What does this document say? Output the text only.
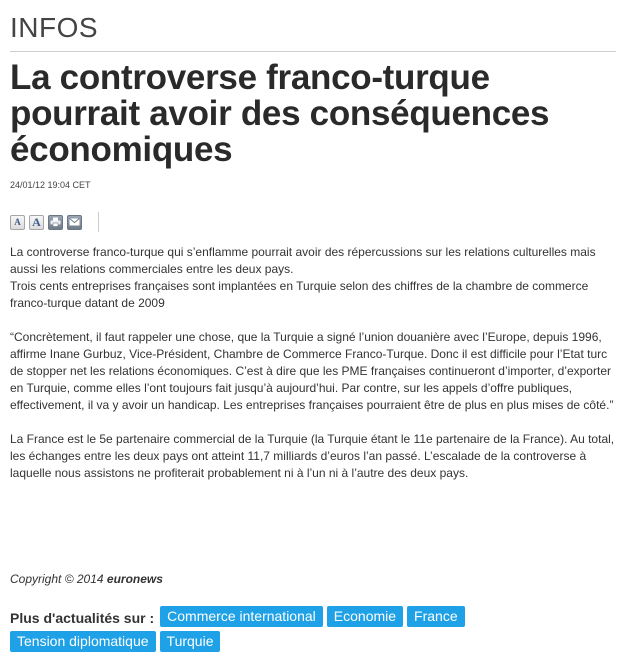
INFOS
La controverse franco-turque pourrait avoir des conséquences économiques
24/01/12 19:04 CET
A A

La controverse franco-turque qui s’enflamme pourrait avoir des répercussions sur les relations culturelles mais aussi les relations commerciales entre les deux pays.
Trois cents entreprises françaises sont implantées en Turquie selon des chiffres de la chambre de commerce franco-turque datant de 2009

“Concrètement, il faut rappeler une chose, que la Turquie a signé l’union douanière avec l’Europe, depuis 1996, affirme Inane Gurbuz, Vice-Président, Chambre de Commerce Franco-Turque. Donc il est difficile pour l’Etat turc de stopper net les relations économiques. C’est à dire que les PME françaises continueront d’importer, d’exporter en Turquie, comme elles l’ont toujours fait jusqu’à aujourd’hui. Par contre, sur les appels d’offre publiques, effectivement, il va y avoir un handicap. Les entreprises françaises pourraient être de plus en plus mises de côté.”

La France est le 5e partenaire commercial de la Turquie (la Turquie étant le 11e partenaire de la France). Au total, les échanges entre les deux pays ont atteint 11,7 milliards d’euros l’an passé. L’escalade de la controverse à laquelle nous assistons ne profiterait probablement ni à l’un ni à l’autre des deux pays.

Copyright © 2014 euronews
Plus d'actualités sur : Commerce international	Economie	France
Tension diplomatique	Turquie
